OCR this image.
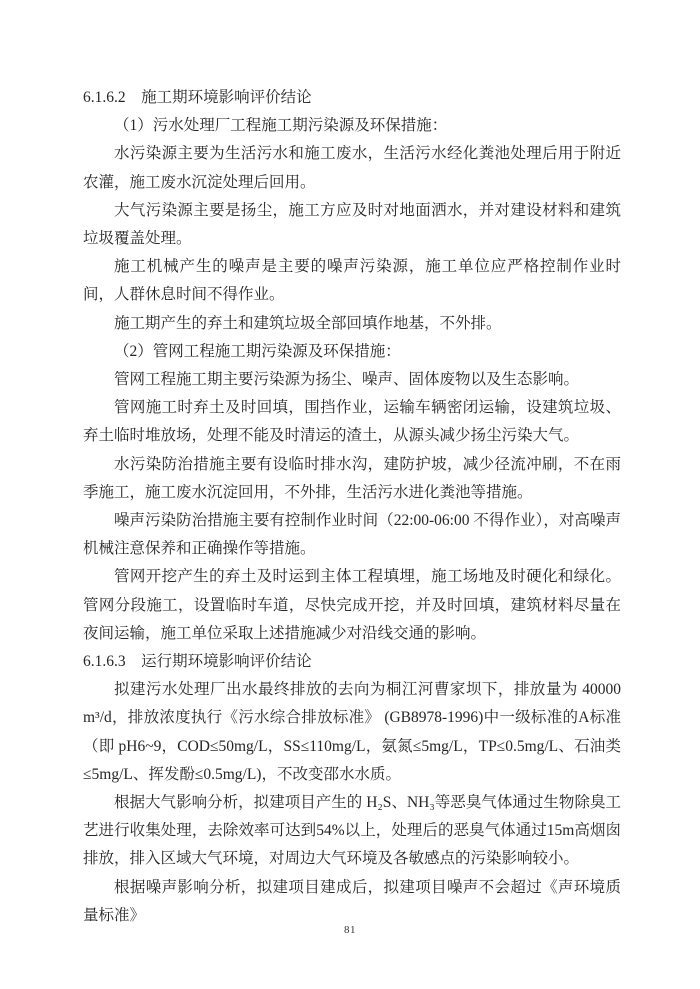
6.1.6.2　施工期环境影响评价结论

（1）污水处理厂工程施工期污染源及环保措施：

水污染源主要为生活污水和施工废水，生活污水经化粪池处理后用于附近农灌，施工废水沉淀处理后回用。

大气污染源主要是扬尘，施工方应及时对地面洒水，并对建设材料和建筑垃圾覆盖处理。

施工机械产生的噪声是主要的噪声污染源，施工单位应严格控制作业时间，人群休息时间不得作业。

施工期产生的弃土和建筑垃圾全部回填作地基，不外排。

（2）管网工程施工期污染源及环保措施：

管网工程施工期主要污染源为扬尘、噪声、固体废物以及生态影响。

管网施工时弃土及时回填，围挡作业，运输车辆密闭运输，设建筑垃圾、弃土临时堆放场，处理不能及时清运的渣土，从源头减少扬尘污染大气。

水污染防治措施主要有设临时排水沟，建防护坡，减少径流冲刷，不在雨季施工，施工废水沉淀回用，不外排，生活污水进化粪池等措施。

噪声污染防治措施主要有控制作业时间（22:00-06:00 不得作业），对高噪声机械注意保养和正确操作等措施。

管网开挖产生的弃土及时运到主体工程填埋，施工场地及时硬化和绿化。管网分段施工，设置临时车道，尽快完成开挖，并及时回填，建筑材料尽量在夜间运输，施工单位采取上述措施减少对沿线交通的影响。

6.1.6.3　运行期环境影响评价结论

拟建污水处理厂出水最终排放的去向为桐江河曹家坝下，排放量为 40000 m³/d，排放浓度执行《污水综合排放标准》 (GB8978-1996)中一级标准的A标准（即 pH6~9，COD≤50mg/L，SS≤110mg/L，氨氮≤5mg/L，TP≤0.5mg/L、石油类≤5mg/L、挥发酚≤0.5mg/L)，不改变邵水水质。

根据大气影响分析，拟建项目产生的 H₂S、NH₃等恶臭气体通过生物除臭工艺进行收集处理，去除效率可达到54%以上，处理后的恶臭气体通过15m高烟囱排放，排入区域大气环境，对周边大气环境及各敏感点的污染影响较小。

根据噪声影响分析，拟建项目建成后，拟建项目噪声不会超过《声环境质量标准》

81
